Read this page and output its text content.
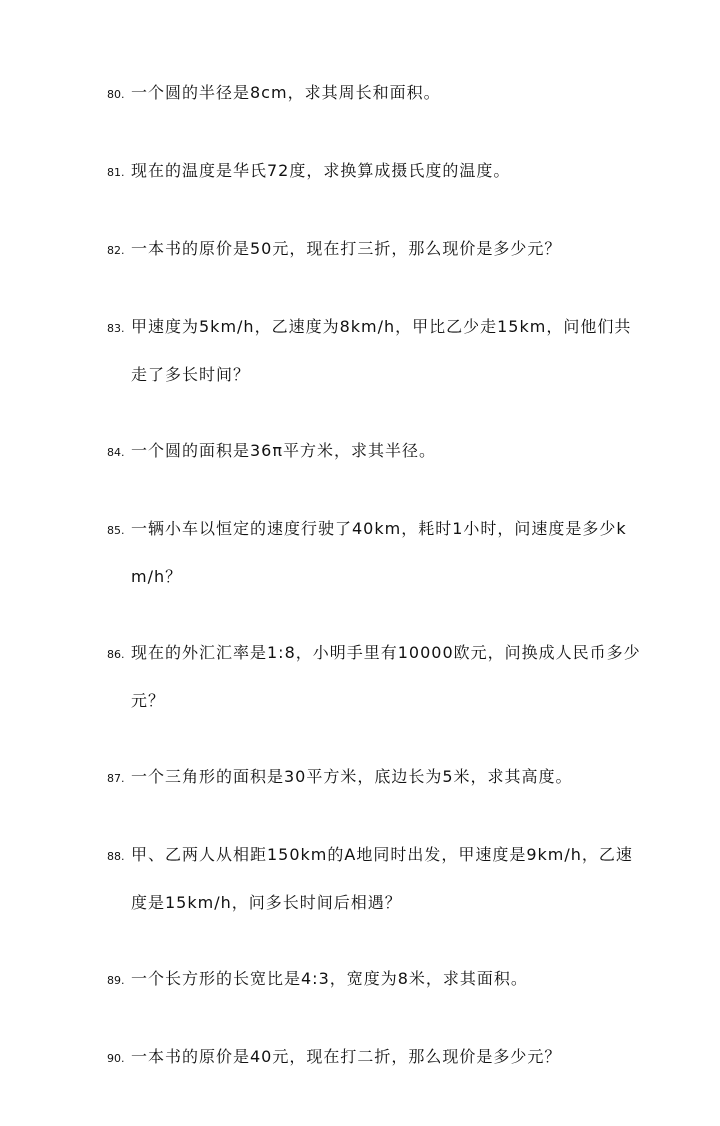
80. 一个圆的半径是8cm，求其周长和面积。
81. 现在的温度是华氏72度，求换算成摄氏度的温度。
82. 一本书的原价是50元，现在打三折，那么现价是多少元？
83. 甲速度为5km/h，乙速度为8km/h，甲比乙少走15km，问他们共走了多长时间？
84. 一个圆的面积是36π平方米，求其半径。
85. 一辆小车以恒定的速度行驶了40km，耗时1小时，问速度是多少km/h？
86. 现在的外汇汇率是1:8，小明手里有10000欧元，问换成人民币多少元？
87. 一个三角形的面积是30平方米，底边长为5米，求其高度。
88. 甲、乙两人从相距150km的A地同时出发，甲速度是9km/h，乙速度是15km/h，问多长时间后相遇？
89. 一个长方形的长宽比是4:3，宽度为8米，求其面积。
90. 一本书的原价是40元，现在打二折，那么现价是多少元？
